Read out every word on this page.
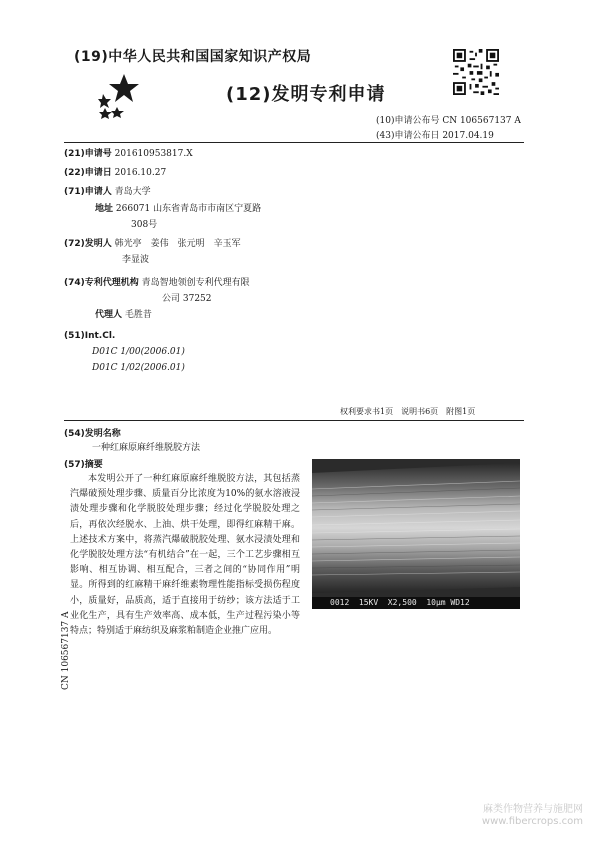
(19)中华人民共和国国家知识产权局
(12)发明专利申请
(10)申请公布号 CN 106567137 A
(43)申请公布日 2017.04.19
(21)申请号 201610953817.X
(22)申请日 2016.10.27
(71)申请人 青岛大学
地址 266071 山东省青岛市市南区宁夏路
308号
(72)发明人 韩光亭　姜伟　张元明　辛玉军
李显波
(74)专利代理机构 青岛智地领创专利代理有限
公司 37252
代理人 毛胜昔
(51)Int.Cl.
D01C 1/00(2006.01)
D01C 1/02(2006.01)
权利要求书1页　说明书6页　附图1页
(54)发明名称
一种红麻原麻纤维脱胶方法
(57)摘要

本发明公开了一种红麻原麻纤维脱胶方法，其包括蒸汽爆破预处理步骤、质量百分比浓度为10%的氨水溶液浸渍处理步骤和化学脱胶处理步骤；经过化学脱胶处理之后，再依次经脱水、上油、烘干处理，即得红麻精干麻。上述技术方案中，将蒸汽爆破脱胶处理、氨水浸渍处理和化学脱胶处理方法“有机结合”在一起，三个工艺步骤相互影响、相互协调、相互配合，三者之间的“协同作用”明显。所得到的红麻精干麻纤维素物理性能指标受损伤程度小，质量好，品质高，适于直接用于纺纱；该方法适于工业化生产，具有生产效率高、成本低，生产过程污染小等特点；特别适于麻纺织及麻浆粕制造企业推广应用。

0012  15KV  X2,500  10μm WD12
CN 106567137 A
麻类作物营养与施肥网
www.fibercrops.com
